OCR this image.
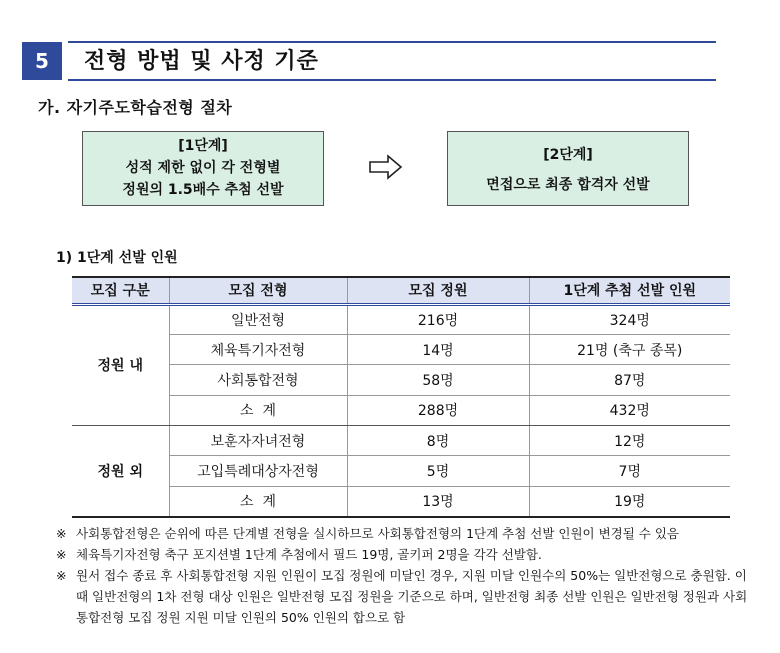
5	전형 방법 및 사정 기준
가. 자기주도학습전형 절차
[1단계]
성적 제한 없이 각 전형별
정원의 1.5배수 추첨 선발
[2단계]
면접으로 최종 합격자 선발
1) 1단계 선발 인원
모집 구분	모집 전형	모집 정원	1단계 추첨 선발 인원
정원 내	일반전형	216명	324명
	체육특기자전형	14명	21명 (축구 종목)
	사회통합전형	58명	87명
	소  계	288명	432명
정원 외	보훈자자녀전형	8명	12명
	고입특례대상자전형	5명	7명
	소  계	13명	19명
※ 사회통합전형은 순위에 따른 단계별 전형을 실시하므로 사회통합전형의 1단계 추첨 선발 인원이 변경될 수 있음
※ 체육특기자전형 축구 포지션별 1단계 추첨에서 필드 19명, 골키퍼 2명을 각각 선발함.
※ 원서 접수 종료 후 사회통합전형 지원 인원이 모집 정원에 미달인 경우, 지원 미달 인원수의 50%는 일반전형으로 충원함. 이때 일반전형의 1차 전형 대상 인원은 일반전형 모집 정원을 기준으로 하며, 일반전형 최종 선발 인원은 일반전형 정원과 사회통합전형 모집 정원 지원 미달 인원의 50% 인원의 합으로 함
